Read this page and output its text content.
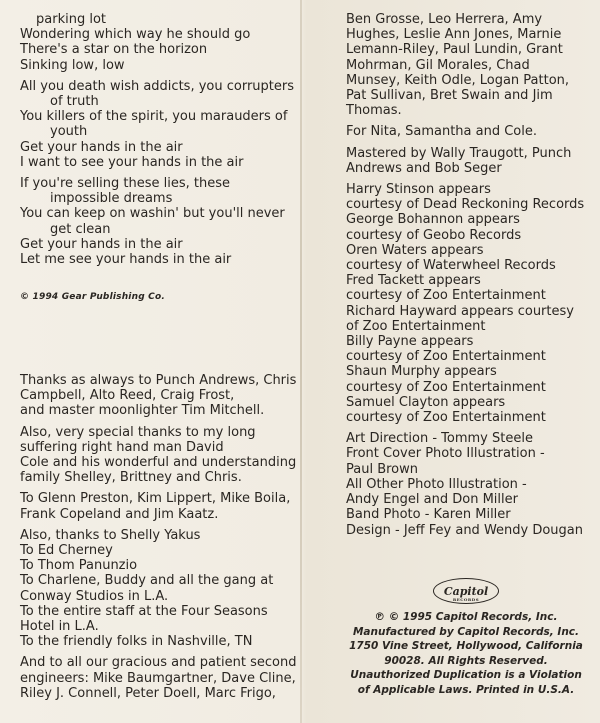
parking lot
Wondering which way he should go
There's a star on the horizon
Sinking low, low
All you death wish addicts, you corrupters
of truth
You killers of the spirit, you marauders of
youth
Get your hands in the air
I want to see your hands in the air
If you're selling these lies, these
impossible dreams
You can keep on washin' but you'll never
get clean
Get your hands in the air
Let me see your hands in the air
© 1994 Gear Publishing Co.
Thanks as always to Punch Andrews, Chris
Campbell, Alto Reed, Craig Frost,
and master moonlighter Tim Mitchell.
Also, very special thanks to my long
suffering right hand man David
Cole and his wonderful and understanding
family Shelley, Brittney and Chris.
To Glenn Preston, Kim Lippert, Mike Boila,
Frank Copeland and Jim Kaatz.
Also, thanks to Shelly Yakus
To Ed Cherney
To Thom Panunzio
To Charlene, Buddy and all the gang at
Conway Studios in L.A.
To the entire staff at the Four Seasons
Hotel in L.A.
To the friendly folks in Nashville, TN
And to all our gracious and patient second
engineers: Mike Baumgartner, Dave Cline,
Riley J. Connell, Peter Doell, Marc Frigo,
Ben Grosse, Leo Herrera, Amy
Hughes, Leslie Ann Jones, Marnie
Lemann-Riley, Paul Lundin, Grant
Mohrman, Gil Morales, Chad
Munsey, Keith Odle, Logan Patton,
Pat Sullivan, Bret Swain and Jim
Thomas.
For Nita, Samantha and Cole.
Mastered by Wally Traugott, Punch
Andrews and Bob Seger
Harry Stinson appears
courtesy of Dead Reckoning Records
George Bohannon appears
courtesy of Geobo Records
Oren Waters appears
courtesy of Waterwheel Records
Fred Tackett appears
courtesy of Zoo Entertainment
Richard Hayward appears courtesy
of Zoo Entertainment
Billy Payne appears
courtesy of Zoo Entertainment
Shaun Murphy appears
courtesy of Zoo Entertainment
Samuel Clayton appears
courtesy of Zoo Entertainment
Art Direction - Tommy Steele
Front Cover Photo Illustration -
Paul Brown
All Other Photo Illustration -
Andy Engel and Don Miller
Band Photo - Karen Miller
Design - Jeff Fey and Wendy Dougan
Capitol
RECORDS
℗ © 1995 Capitol Records, Inc.
Manufactured by Capitol Records, Inc.
1750 Vine Street, Hollywood, California
90028. All Rights Reserved.
Unauthorized Duplication is a Violation
of Applicable Laws. Printed in U.S.A.
